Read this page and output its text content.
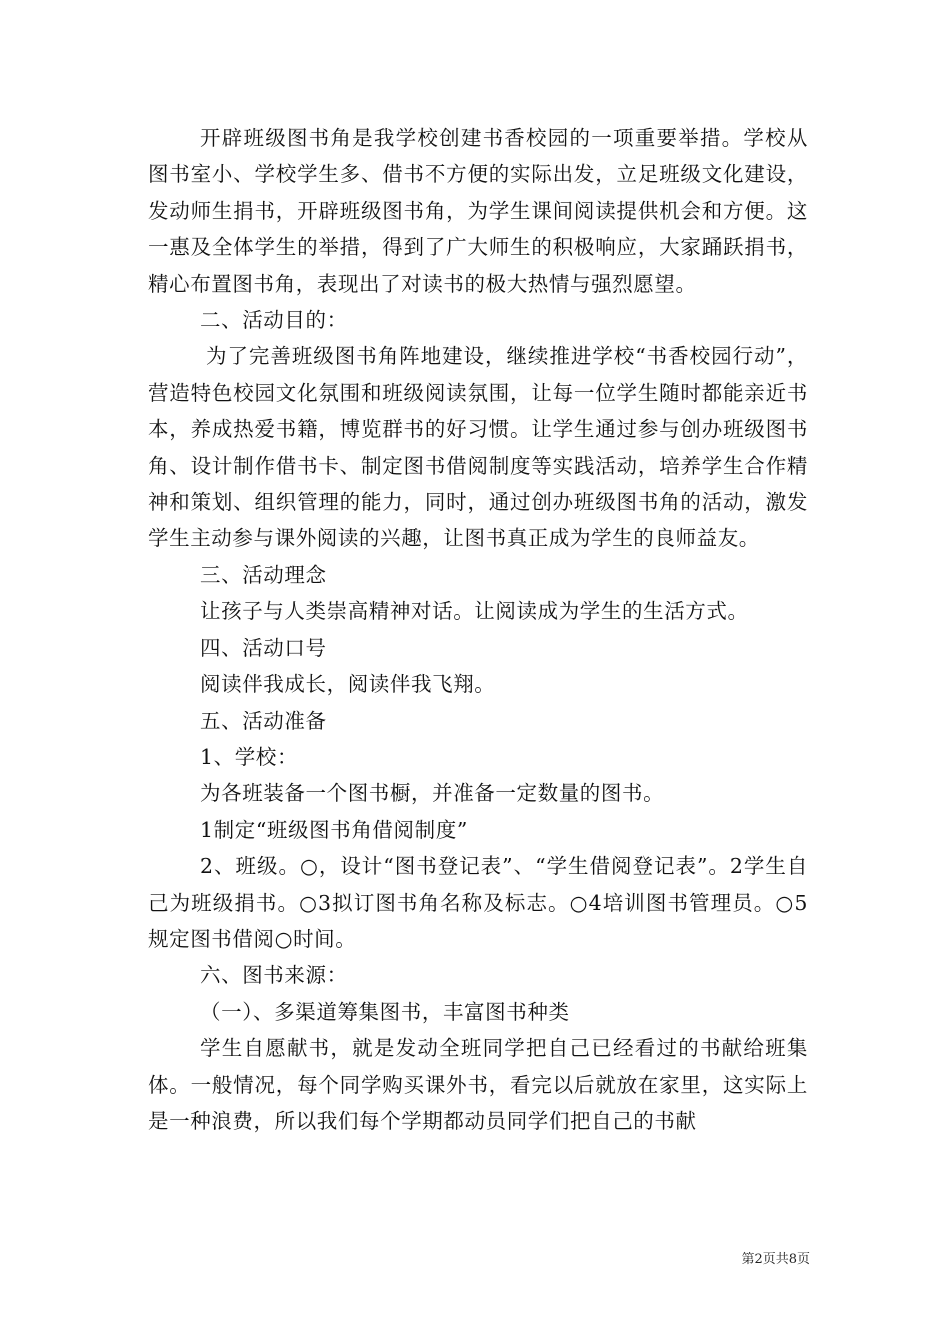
开辟班级图书角是我学校创建书香校园的一项重要举措。学校从图书室小、学校学生多、借书不方便的实际出发，立足班级文化建设，发动师生捐书，开辟班级图书角，为学生课间阅读提供机会和方便。这一惠及全体学生的举措，得到了广大师生的积极响应，大家踊跃捐书，精心布置图书角，表现出了对读书的极大热情与强烈愿望。

二、活动目的：

为了完善班级图书角阵地建设，继续推进学校“书香校园行动”，营造特色校园文化氛围和班级阅读氛围，让每一位学生随时都能亲近书本，养成热爱书籍，博览群书的好习惯。让学生通过参与创办班级图书角、设计制作借书卡、制定图书借阅制度等实践活动，培养学生合作精神和策划、组织管理的能力，同时，通过创办班级图书角的活动，激发学生主动参与课外阅读的兴趣，让图书真正成为学生的良师益友。

三、活动理念

让孩子与人类崇高精神对话。让阅读成为学生的生活方式。

四、活动口号

阅读伴我成长，阅读伴我飞翔。

五、活动准备

1、学校：

为各班装备一个图书橱，并准备一定数量的图书。

1制定“班级图书角借阅制度”

2、班级。○，设计“图书登记表”、“学生借阅登记表”。2学生自己为班级捐书。○3拟订图书角名称及标志。○4培训图书管理员。○5规定图书借阅○时间。

六、图书来源：

（一）、多渠道筹集图书，丰富图书种类

学生自愿献书，就是发动全班同学把自己已经看过的书献给班集体。一般情况，每个同学购买课外书，看完以后就放在家里，这实际上是一种浪费，所以我们每个学期都动员同学们把自己的书献

第2页共8页
